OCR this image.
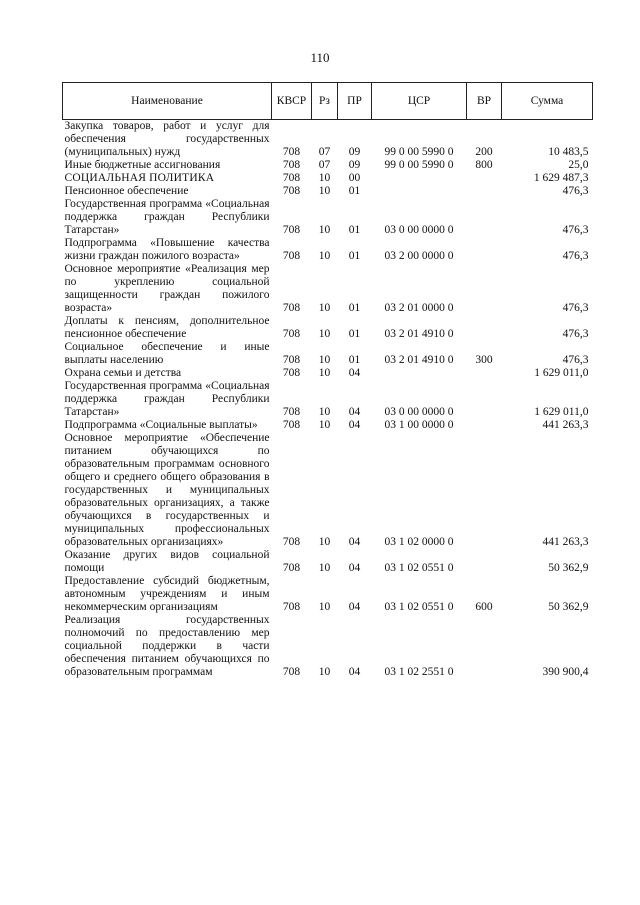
110
Наименование	КВСР	Рз	ПР	ЦСР	ВР	Сумма
Закупка товаров, работ и услуг для обеспечения государственных (муниципальных) нужд	708	07	09	99 0 00 5990 0	200	10 483,5
Иные бюджетные ассигнования	708	07	09	99 0 00 5990 0	800	25,0
СОЦИАЛЬНАЯ ПОЛИТИКА	708	10	00			1 629 487,3
Пенсионное обеспечение	708	10	01			476,3
Государственная программа «Социальная поддержка граждан Республики Татарстан»	708	10	01	03 0 00 0000 0		476,3
Подпрограмма «Повышение качества жизни граждан пожилого возраста»	708	10	01	03 2 00 0000 0		476,3
Основное мероприятие «Реализация мер по укреплению социальной защищенности граждан пожилого возраста»	708	10	01	03 2 01 0000 0		476,3
Доплаты к пенсиям, дополнительное пенсионное обеспечение	708	10	01	03 2 01 4910 0		476,3
Социальное обеспечение и иные выплаты населению	708	10	01	03 2 01 4910 0	300	476,3
Охрана семьи и детства	708	10	04			1 629 011,0
Государственная программа «Социальная поддержка граждан Республики Татарстан»	708	10	04	03 0 00 0000 0		1 629 011,0
Подпрограмма «Социальные выплаты»	708	10	04	03 1 00 0000 0		441 263,3
Основное мероприятие «Обеспечение питанием обучающихся по образовательным программам основного общего и среднего общего образования в государственных и муниципальных образовательных организациях, а также обучающихся в государственных и муниципальных профессиональных образовательных организациях»	708	10	04	03 1 02 0000 0		441 263,3
Оказание других видов социальной помощи	708	10	04	03 1 02 0551 0		50 362,9
Предоставление субсидий бюджетным, автономным учреждениям и иным некоммерческим организациям	708	10	04	03 1 02 0551 0	600	50 362,9
Реализация государственных полномочий по предоставлению мер социальной поддержки в части обеспечения питанием обучающихся по образовательным программам	708	10	04	03 1 02 2551 0		390 900,4
